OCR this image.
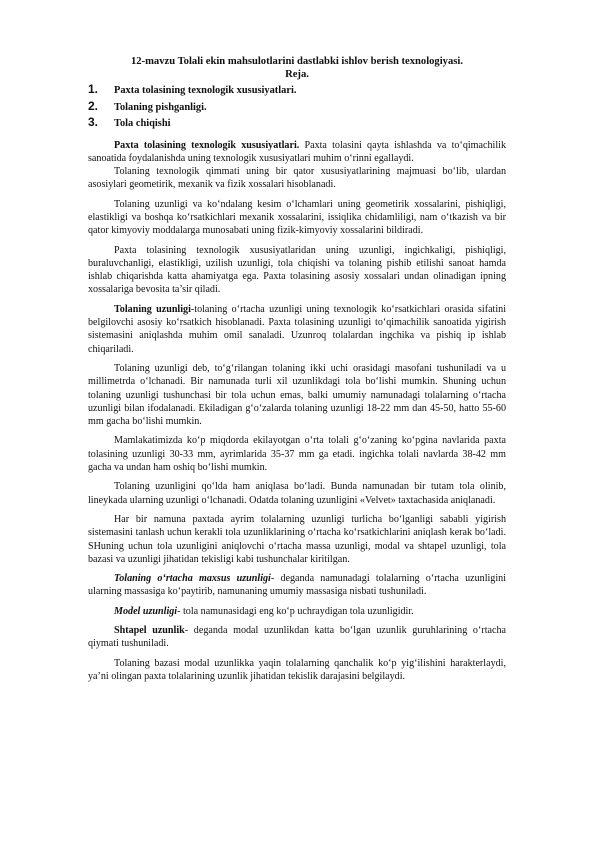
12-mavzu Tolali ekin mahsulotlarini dastlabki ishlov berish texnologiyasi.

Reja.

1.	Paxta tolasining texnologik xususiyatlari.
2.	Tolaning pishganligi.
3.	Tola chiqishi

Paxta tolasining texnologik xususiyatlari. Paxta tolasini qayta ishlashda va to‘qimachilik sanoatida foydalanishda uning texnologik xususiyatlari muhim o‘rinni egallaydi.

Tolaning texnologik qimmati uning bir qator xususiyatlarining majmuasi bo‘lib, ulardan asosiylari geometirik, mexanik va fizik xossalari hisoblanadi.

Tolaning uzunligi va ko‘ndalang kesim o‘lchamlari uning geometirik xossalarini, pishiqligi, elastikligi va boshqa ko‘rsatkichlari mexanik xossalarini, issiqlika chidamliligi, nam o‘tkazish va bir qator kimyoviy moddalarga munosabati uning fizik-kimyoviy xossalarini bildiradi.

Paxta tolasining texnologik xususiyatlaridan uning uzunligi, ingichkaligi, pishiqligi, buraluvchanligi, elastikligi, uzilish uzunligi, tola chiqishi va tolaning pishib etilishi sanoat hamda ishlab chiqarishda katta ahamiyatga ega. Paxta tolasining asosiy xossalari undan olinadigan ipning xossalariga bevosita ta’sir qiladi.

Tolaning uzunligi-tolaning o‘rtacha uzunligi uning texnologik ko‘rsatkichlari orasida sifatini belgilovchi asosiy ko‘rsatkich hisoblanadi. Paxta tolasining uzunligi to‘qimachilik sanoatida yigirish sistemasini aniqlashda muhim omil sanaladi. Uzunroq tolalardan ingchika va pishiq ip ishlab chiqariladi.

Tolaning uzunligi deb, to‘g‘rilangan tolaning ikki uchi orasidagi masofani tushuniladi va u millimetrda o‘lchanadi. Bir namunada turli xil uzunlikdagi tola bo‘lishi mumkin. Shuning uchun tolaning uzunligi tushunchasi bir tola uchun emas, balki umumiy namunadagi tolalarning o‘rtacha uzunligi bilan ifodalanadi. Ekiladigan g‘o‘zalarda tolaning uzunligi 18-22 mm dan 45-50, hatto 55-60 mm gacha bo‘lishi mumkin.

Mamlakatimizda ko‘p miqdorda ekilayotgan o‘rta tolali g‘o‘zaning ko‘pgina navlarida paxta tolasining uzunligi 30-33 mm, ayrimlarida 35-37 mm ga etadi. ingichka tolali navlarda 38-42 mm gacha va undan ham oshiq bo‘lishi mumkin.

Tolaning uzunligini qo‘lda ham aniqlasa bo‘ladi. Bunda namunadan bir tutam tola olinib, lineykada ularning uzunligi o‘lchanadi. Odatda tolaning uzunligini «Velvet» taxtachasida aniqlanadi.

Har bir namuna paxtada ayrim tolalarning uzunligi turlicha bo‘lganligi sababli yigirish sistemasini tanlash uchun kerakli tola uzunliklarining o‘rtacha ko‘rsatkichlarini aniqlash kerak bo‘ladi. SHuning uchun tola uzunligini aniqlovchi o‘rtacha massa uzunligi, modal va shtapel uzunligi, tola bazasi va uzunligi jihatidan tekisligi kabi tushunchalar kiritilgan.

Tolaning o‘rtacha maxsus uzunligi- deganda namunadagi tolalarning o‘rtacha uzunligini ularning massasiga ko‘paytirib, namunaning umumiy massasiga nisbati tushuniladi.

Model uzunligi- tola namunasidagi eng ko‘p uchraydigan tola uzunligidir.

Shtapel uzunlik- deganda modal uzunlikdan katta bo‘lgan uzunlik guruhlarining o‘rtacha qiymati tushuniladi.

Tolaning bazasi modal uzunlikka yaqin tolalarning qanchalik ko‘p yig‘ilishini harakterlaydi, ya’ni olingan paxta tolalarining uzunlik jihatidan tekislik darajasini belgilaydi.
